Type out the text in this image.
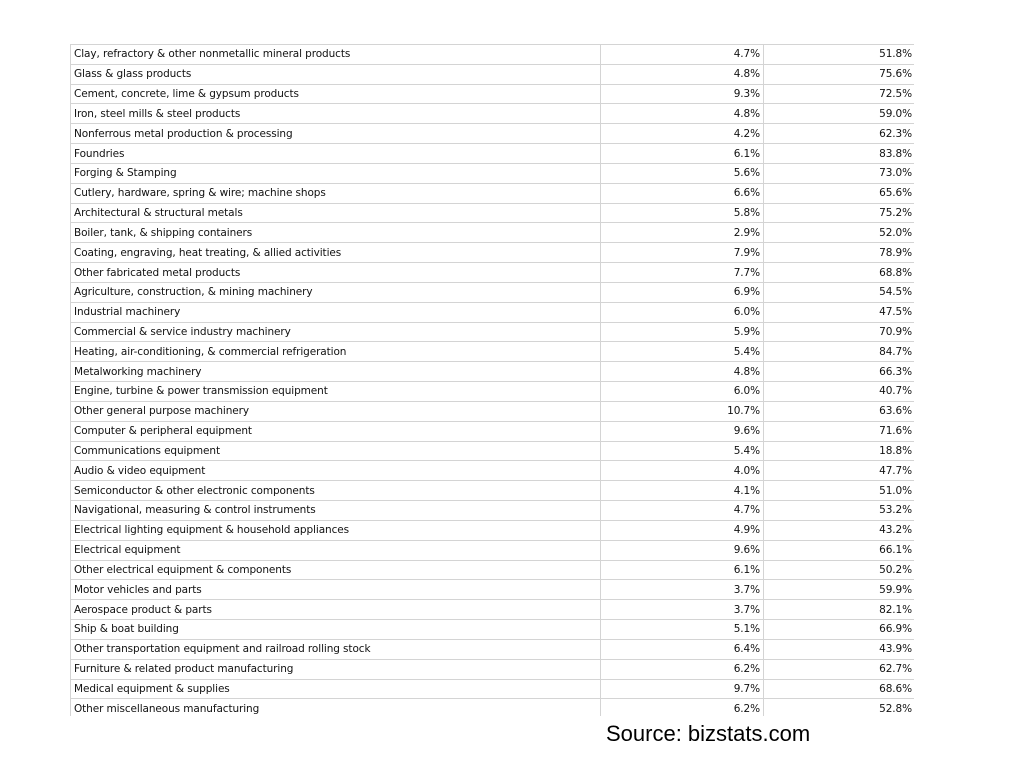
Clay, refractory & other nonmetallic mineral products	4.7%	51.8%
Glass & glass products	4.8%	75.6%
Cement, concrete, lime & gypsum products	9.3%	72.5%
Iron, steel mills & steel products	4.8%	59.0%
Nonferrous metal production & processing	4.2%	62.3%
Foundries	6.1%	83.8%
Forging & Stamping	5.6%	73.0%
Cutlery, hardware, spring & wire; machine shops	6.6%	65.6%
Architectural & structural metals	5.8%	75.2%
Boiler, tank, & shipping containers	2.9%	52.0%
Coating, engraving, heat treating, & allied activities	7.9%	78.9%
Other fabricated metal products	7.7%	68.8%
Agriculture, construction, & mining machinery	6.9%	54.5%
Industrial machinery	6.0%	47.5%
Commercial & service industry machinery	5.9%	70.9%
Heating, air-conditioning, & commercial refrigeration	5.4%	84.7%
Metalworking machinery	4.8%	66.3%
Engine, turbine & power transmission equipment	6.0%	40.7%
Other general purpose machinery	10.7%	63.6%
Computer & peripheral equipment	9.6%	71.6%
Communications equipment	5.4%	18.8%
Audio & video equipment	4.0%	47.7%
Semiconductor & other electronic components	4.1%	51.0%
Navigational, measuring & control instruments	4.7%	53.2%
Electrical lighting equipment & household appliances	4.9%	43.2%
Electrical equipment	9.6%	66.1%
Other electrical equipment & components	6.1%	50.2%
Motor vehicles and parts	3.7%	59.9%
Aerospace product & parts	3.7%	82.1%
Ship & boat building	5.1%	66.9%
Other transportation equipment and railroad rolling stock	6.4%	43.9%
Furniture & related product manufacturing	6.2%	62.7%
Medical equipment & supplies	9.7%	68.6%
Other miscellaneous manufacturing	6.2%	52.8%
Source: bizstats.com
